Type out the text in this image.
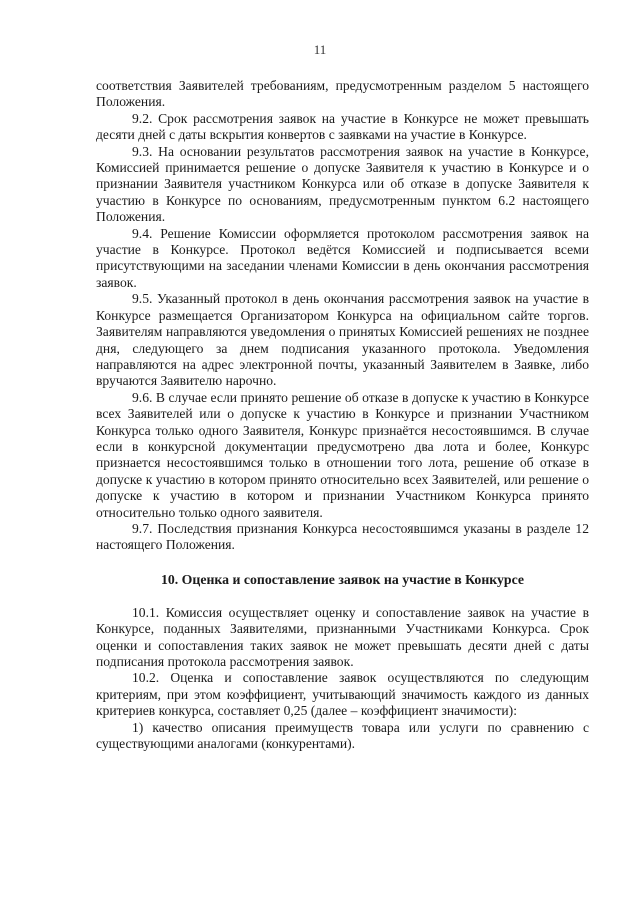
11

соответствия Заявителей требованиям, предусмотренным разделом 5 настоящего Положения.

9.2. Срок рассмотрения заявок на участие в Конкурсе не может превышать десяти дней с даты вскрытия конвертов с заявками на участие в Конкурсе.

9.3. На основании результатов рассмотрения заявок на участие в Конкурсе, Комиссией принимается решение о допуске Заявителя к участию в Конкурсе и о признании Заявителя участником Конкурса или об отказе в допуске Заявителя к участию в Конкурсе по основаниям, предусмотренным пунктом 6.2 настоящего Положения.

9.4. Решение Комиссии оформляется протоколом рассмотрения заявок на участие в Конкурсе. Протокол ведётся Комиссией и подписывается всеми присутствующими на заседании членами Комиссии в день окончания рассмотрения заявок.

9.5. Указанный протокол в день окончания рассмотрения заявок на участие в Конкурсе размещается Организатором Конкурса на официальном сайте торгов. Заявителям направляются уведомления о принятых Комиссией решениях не позднее дня, следующего за днем подписания указанного протокола. Уведомления направляются на адрес электронной почты, указанный Заявителем в Заявке, либо вручаются Заявителю нарочно.

9.6. В случае если принято решение об отказе в допуске к участию в Конкурсе всех Заявителей или о допуске к участию в Конкурсе и признании Участником Конкурса только одного Заявителя, Конкурс признаётся несостоявшимся. В случае если в конкурсной документации предусмотрено два лота и более, Конкурс признается несостоявшимся только в отношении того лота, решение об отказе в допуске к участию в котором принято относительно всех Заявителей, или решение о допуске к участию в котором и признании Участником Конкурса принято относительно только одного заявителя.

9.7. Последствия признания Конкурса несостоявшимся указаны в разделе 12 настоящего Положения.

10. Оценка и сопоставление заявок на участие в Конкурсе

10.1. Комиссия осуществляет оценку и сопоставление заявок на участие в Конкурсе, поданных Заявителями, признанными Участниками Конкурса. Срок оценки и сопоставления таких заявок не может превышать десяти дней с даты подписания протокола рассмотрения заявок.

10.2. Оценка и сопоставление заявок осуществляются по следующим критериям, при этом коэффициент, учитывающий значимость каждого из данных критериев конкурса, составляет 0,25 (далее – коэффициент значимости):

1) качество описания преимуществ товара или услуги по сравнению с существующими аналогами (конкурентами).
